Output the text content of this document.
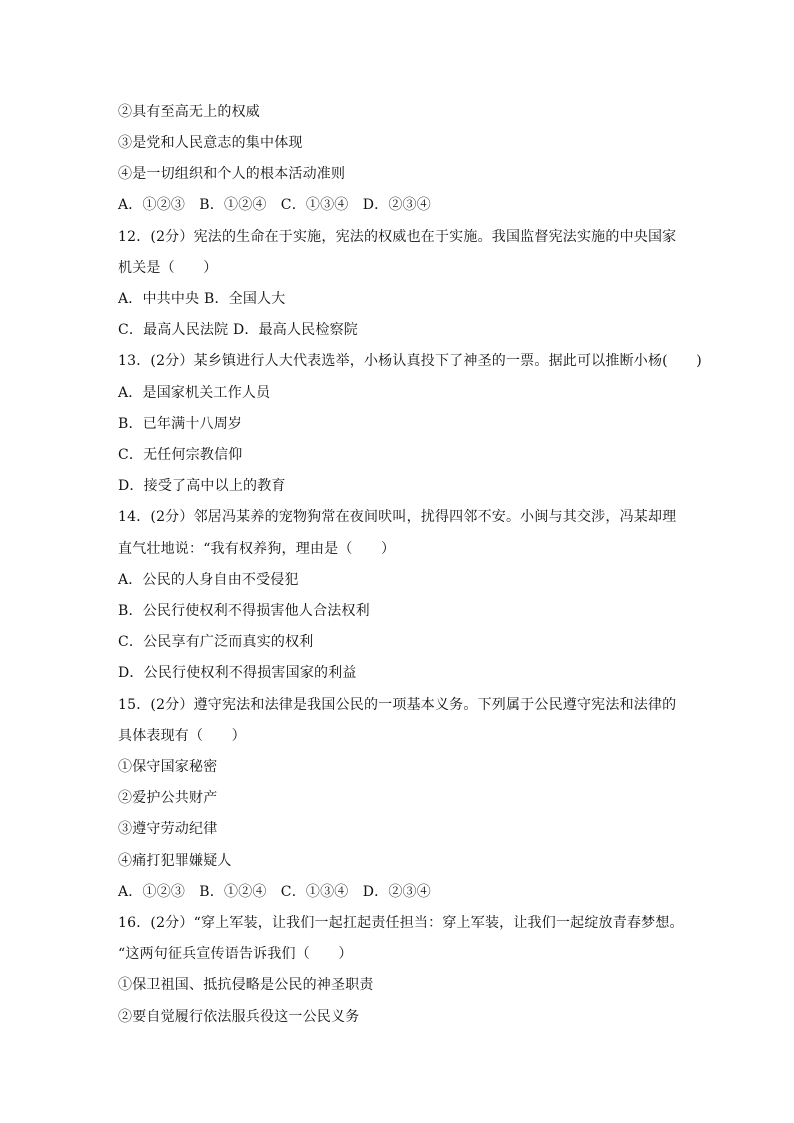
②具有至高无上的权威
③是党和人民意志的集中体现
④是一切组织和个人的根本活动准则
A．①②③　B．①②④　C．①③④　D．②③④
12．(2分）宪法的生命在于实施，宪法的权威也在于实施。我国监督宪法实施的中央国家
机关是（　　）
A．中共中央 B．全国人大
C．最高人民法院 D．最高人民检察院
13．(2分）某乡镇进行人大代表选举，小杨认真投下了神圣的一票。据此可以推断小杨(　　)
A．是国家机关工作人员
B．已年满十八周岁
C．无任何宗教信仰
D．接受了高中以上的教育
14．(2分）邻居冯某养的宠物狗常在夜间吠叫，扰得四邻不安。小闽与其交涉，冯某却理
直气壮地说：“我有权养狗，理由是（　　）
A．公民的人身自由不受侵犯
B．公民行使权利不得损害他人合法权利
C．公民享有广泛而真实的权利
D．公民行使权利不得损害国家的利益
15．(2分）遵守宪法和法律是我国公民的一项基本义务。下列属于公民遵守宪法和法律的
具体表现有（　　）
①保守国家秘密
②爱护公共财产
③遵守劳动纪律
④痛打犯罪嫌疑人
A．①②③　B．①②④　C．①③④　D．②③④
16．(2分）“穿上军装，让我们一起扛起责任担当：穿上军装，让我们一起绽放青春梦想。
“这两句征兵宣传语告诉我们（　　）
①保卫祖国、抵抗侵略是公民的神圣职责
②要自觉履行依法服兵役这一公民义务
